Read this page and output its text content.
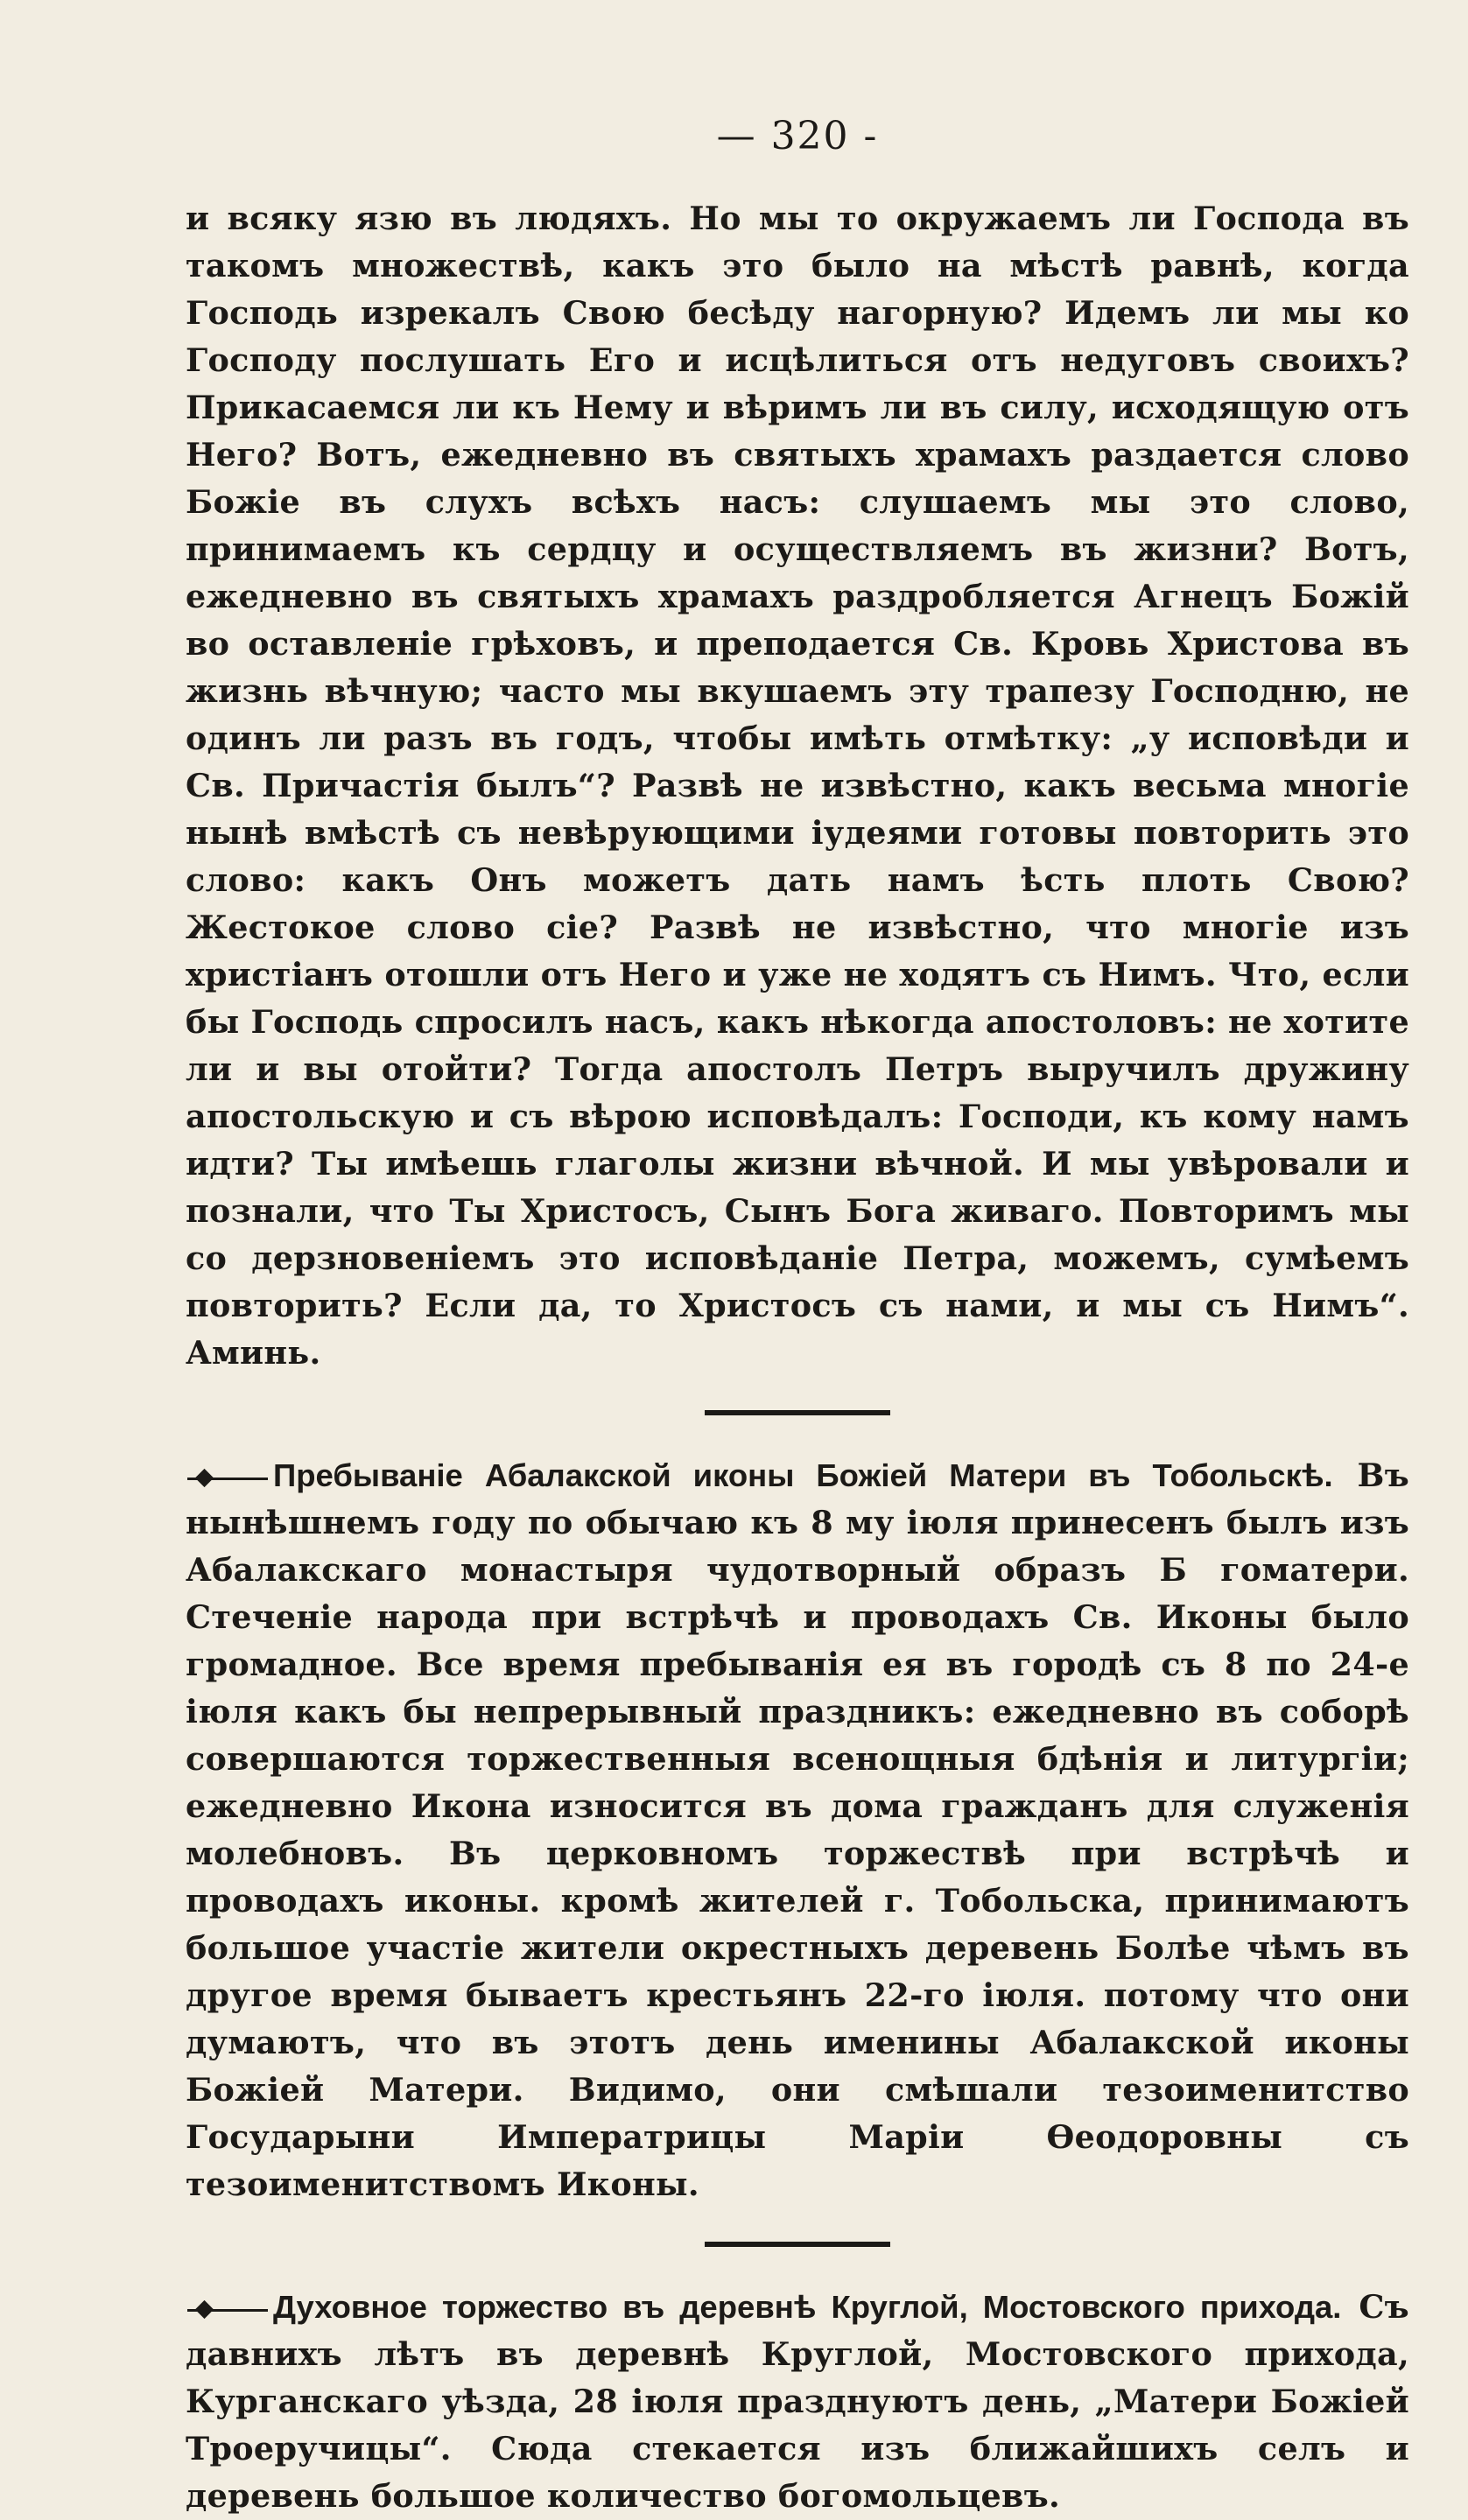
— 320 -

и всяку язю въ людяхъ. Но мы то окружаемъ ли Господа въ такомъ множествѣ, какъ это было на мѣстѣ равнѣ, когда Господь изрекалъ Свою бесѣду нагорную? Идемъ ли мы ко Господу послушать Его и исцѣлиться отъ недуговъ своихъ? Прикасаемся ли къ Нему и вѣримъ ли въ силу, исходящую отъ Него? Вотъ, ежедневно въ святыхъ храмахъ раздается слово Божіе въ слухъ всѣхъ насъ: слушаемъ мы это слово, принимаемъ къ сердцу и осуществляемъ въ жизни? Вотъ, ежедневно въ святыхъ храмахъ раздробляется Агнецъ Божій во оставленіе грѣховъ, и преподается Св. Кровь Христова въ жизнь вѣчную; часто мы вкушаемъ эту трапезу Господню, не одинъ ли разъ въ годъ, чтобы имѣть отмѣтку: „у исповѣди и Св. Причастія былъ“? Развѣ не извѣстно, какъ весьма многіе нынѣ вмѣстѣ съ невѣрующими іудеями готовы повторить это слово: какъ Онъ можетъ дать намъ ѣсть плоть Свою? Жестокое слово сіе? Развѣ не извѣстно, что многіе изъ христіанъ отошли отъ Него и уже не ходятъ съ Нимъ. Что, если бы Господь спросилъ насъ, какъ нѣкогда апостоловъ: не хотите ли и вы отойти? Тогда апостолъ Петръ выручилъ дружину апостольскую и съ вѣрою исповѣдалъ: Господи, къ кому намъ идти? Ты имѣешь глаголы жизни вѣчной. И мы увѣровали и познали, что Ты Христосъ, Сынъ Бога живаго. Повторимъ мы со дерзновеніемъ это исповѣданіе Петра, можемъ, сумѣемъ повторить? Если да, то Христосъ съ нами, и мы съ Нимъ“. Аминь.

Пребываніе Абалакской иконы Божіей Матери въ Тобольскѣ. Въ нынѣшнемъ году по обычаю къ 8 му іюля принесенъ былъ изъ Абалакскаго монастыря чудотворный образъ Б гоматери. Стеченіе народа при встрѣчѣ и проводахъ Св. Иконы было громадное. Все время пребыванія ея въ городѣ съ 8 по 24-е іюля какъ бы непрерывный праздникъ: ежедневно въ соборѣ совершаются торжественныя всенощныя бдѣнія и литургіи; ежедневно Икона износится въ дома гражданъ для служенія молебновъ. Въ церковномъ торжествѣ при встрѣчѣ и проводахъ иконы. кромѣ жителей г. Тобольска, принимаютъ большое участіе жители окрестныхъ деревень Болѣе чѣмъ въ другое время бываетъ крестьянъ 22-го іюля. потому что они думаютъ, что въ этотъ день именины Абалакской иконы Божіей Матери. Видимо, они смѣшали тезоименитство Государыни Императрицы Маріи Ѳеодоровны съ тезоименитствомъ Иконы.

Духовное торжество въ деревнѣ Круглой, Мостовского прихода. Съ давнихъ лѣтъ въ деревнѣ Круглой, Мостовского прихода, Курганскаго уѣзда, 28 іюля празднуютъ день, „Матери Божіей Троеручицы“. Сюда стекается изъ ближайшихъ селъ и деревень большое количество богомольцевъ.
